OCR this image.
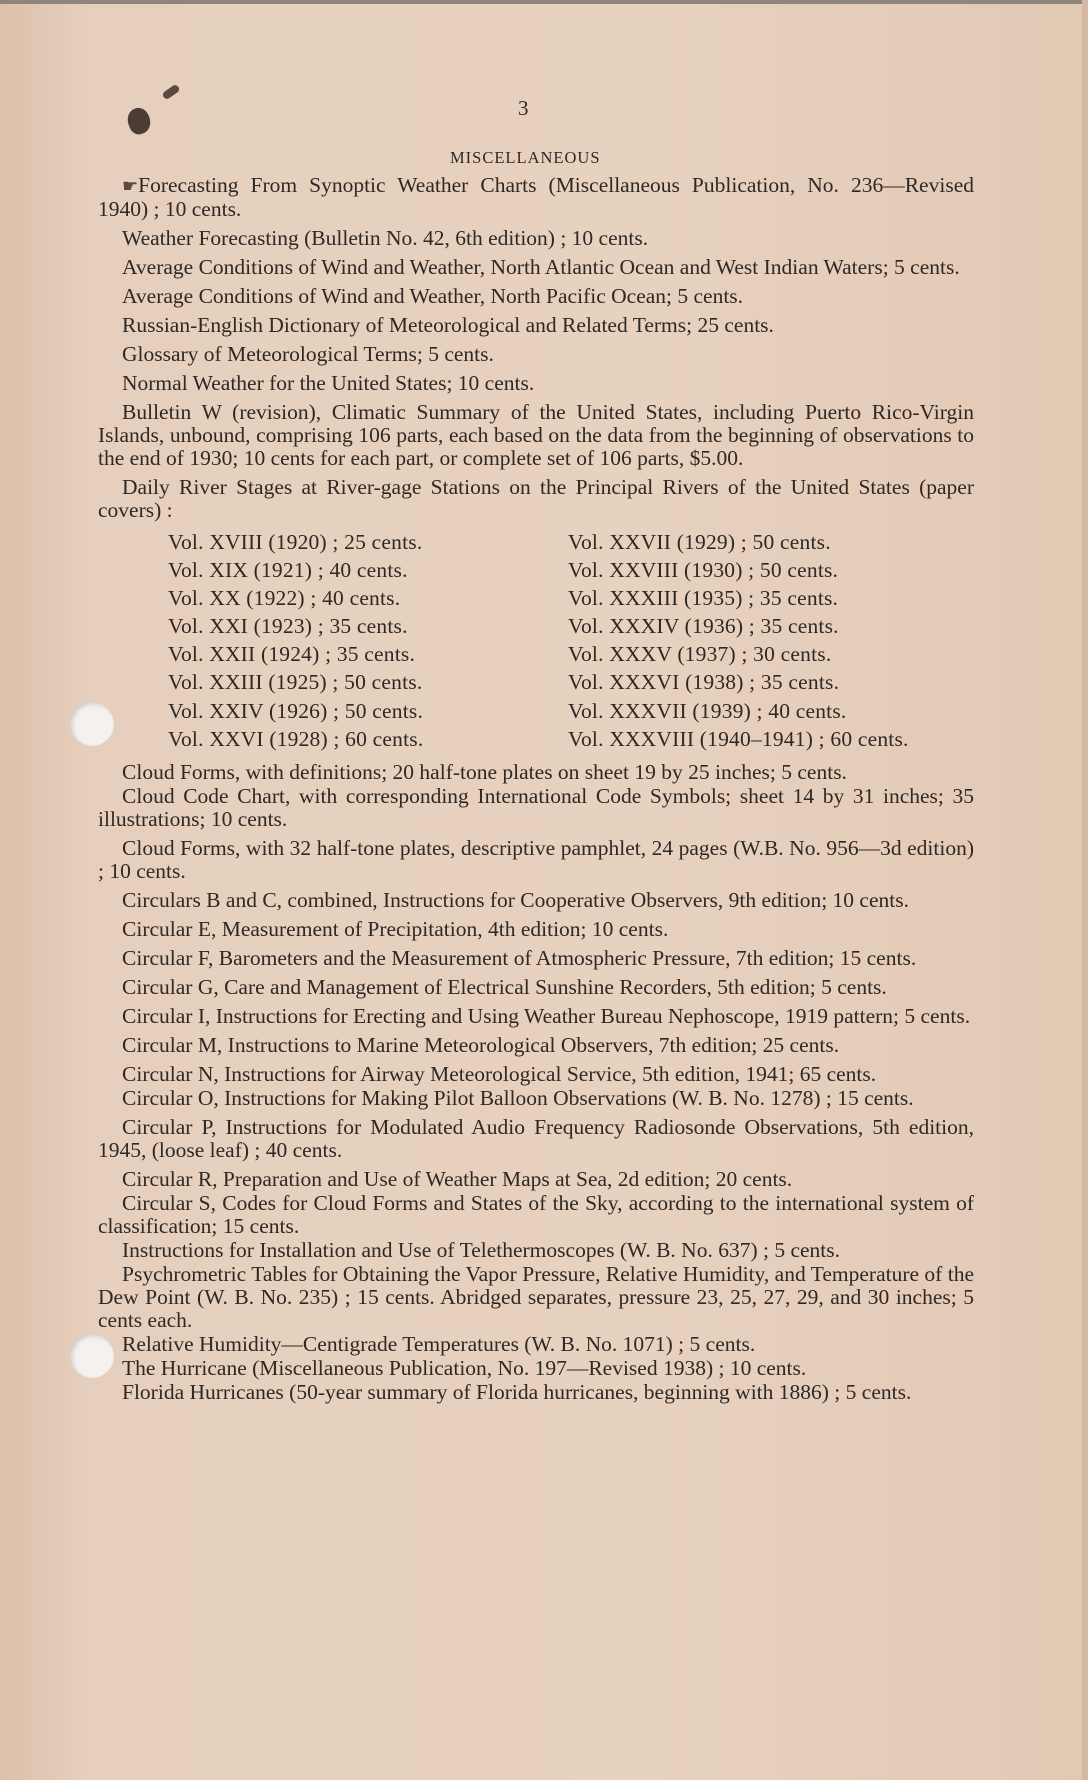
3
MISCELLANEOUS

☛Forecasting From Synoptic Weather Charts (Miscellaneous Publication, No. 236—Revised 1940) ; 10 cents.

Weather Forecasting (Bulletin No. 42, 6th edition) ; 10 cents.

Average Conditions of Wind and Weather, North Atlantic Ocean and West Indian Waters; 5 cents.

Average Conditions of Wind and Weather, North Pacific Ocean; 5 cents.

Russian-English Dictionary of Meteorological and Related Terms; 25 cents.

Glossary of Meteorological Terms; 5 cents.

Normal Weather for the United States; 10 cents.

Bulletin W (revision), Climatic Summary of the United States, including Puerto Rico-Virgin Islands, unbound, comprising 106 parts, each based on the data from the beginning of observations to the end of 1930; 10 cents for each part, or complete set of 106 parts, $5.00.

Daily River Stages at River-gage Stations on the Principal Rivers of the United States (paper covers) :

Vol. XVIII (1920) ; 25 cents.	Vol. XXVII (1929) ; 50 cents.
Vol. XIX (1921) ; 40 cents.	Vol. XXVIII (1930) ; 50 cents.
Vol. XX (1922) ; 40 cents.	Vol. XXXIII (1935) ; 35 cents.
Vol. XXI (1923) ; 35 cents.	Vol. XXXIV (1936) ; 35 cents.
Vol. XXII (1924) ; 35 cents.	Vol. XXXV (1937) ; 30 cents.
Vol. XXIII (1925) ; 50 cents.	Vol. XXXVI (1938) ; 35 cents.
Vol. XXIV (1926) ; 50 cents.	Vol. XXXVII (1939) ; 40 cents.
Vol. XXVI (1928) ; 60 cents.	Vol. XXXVIII (1940–1941) ; 60 cents.

Cloud Forms, with definitions; 20 half-tone plates on sheet 19 by 25 inches; 5 cents.

Cloud Code Chart, with corresponding International Code Symbols; sheet 14 by 31 inches; 35 illustrations; 10 cents.

Cloud Forms, with 32 half-tone plates, descriptive pamphlet, 24 pages (W.B. No. 956—3d edition) ; 10 cents.

Circulars B and C, combined, Instructions for Cooperative Observers, 9th edition; 10 cents.

Circular E, Measurement of Precipitation, 4th edition; 10 cents.

Circular F, Barometers and the Measurement of Atmospheric Pressure, 7th edition; 15 cents.

Circular G, Care and Management of Electrical Sunshine Recorders, 5th edition; 5 cents.

Circular I, Instructions for Erecting and Using Weather Bureau Nephoscope, 1919 pattern; 5 cents.

Circular M, Instructions to Marine Meteorological Observers, 7th edition; 25 cents.

Circular N, Instructions for Airway Meteorological Service, 5th edition, 1941; 65 cents.

Circular O, Instructions for Making Pilot Balloon Observations (W. B. No. 1278) ; 15 cents.

Circular P, Instructions for Modulated Audio Frequency Radiosonde Observations, 5th edition, 1945, (loose leaf) ; 40 cents.

Circular R, Preparation and Use of Weather Maps at Sea, 2d edition; 20 cents.

Circular S, Codes for Cloud Forms and States of the Sky, according to the international system of classification; 15 cents.

Instructions for Installation and Use of Telethermoscopes (W. B. No. 637) ; 5 cents.

Psychrometric Tables for Obtaining the Vapor Pressure, Relative Humidity, and Temperature of the Dew Point (W. B. No. 235) ; 15 cents. Abridged separates, pressure 23, 25, 27, 29, and 30 inches; 5 cents each.

Relative Humidity—Centigrade Temperatures (W. B. No. 1071) ; 5 cents.

The Hurricane (Miscellaneous Publication, No. 197—Revised 1938) ; 10 cents.

Florida Hurricanes (50-year summary of Florida hurricanes, beginning with 1886) ; 5 cents.
